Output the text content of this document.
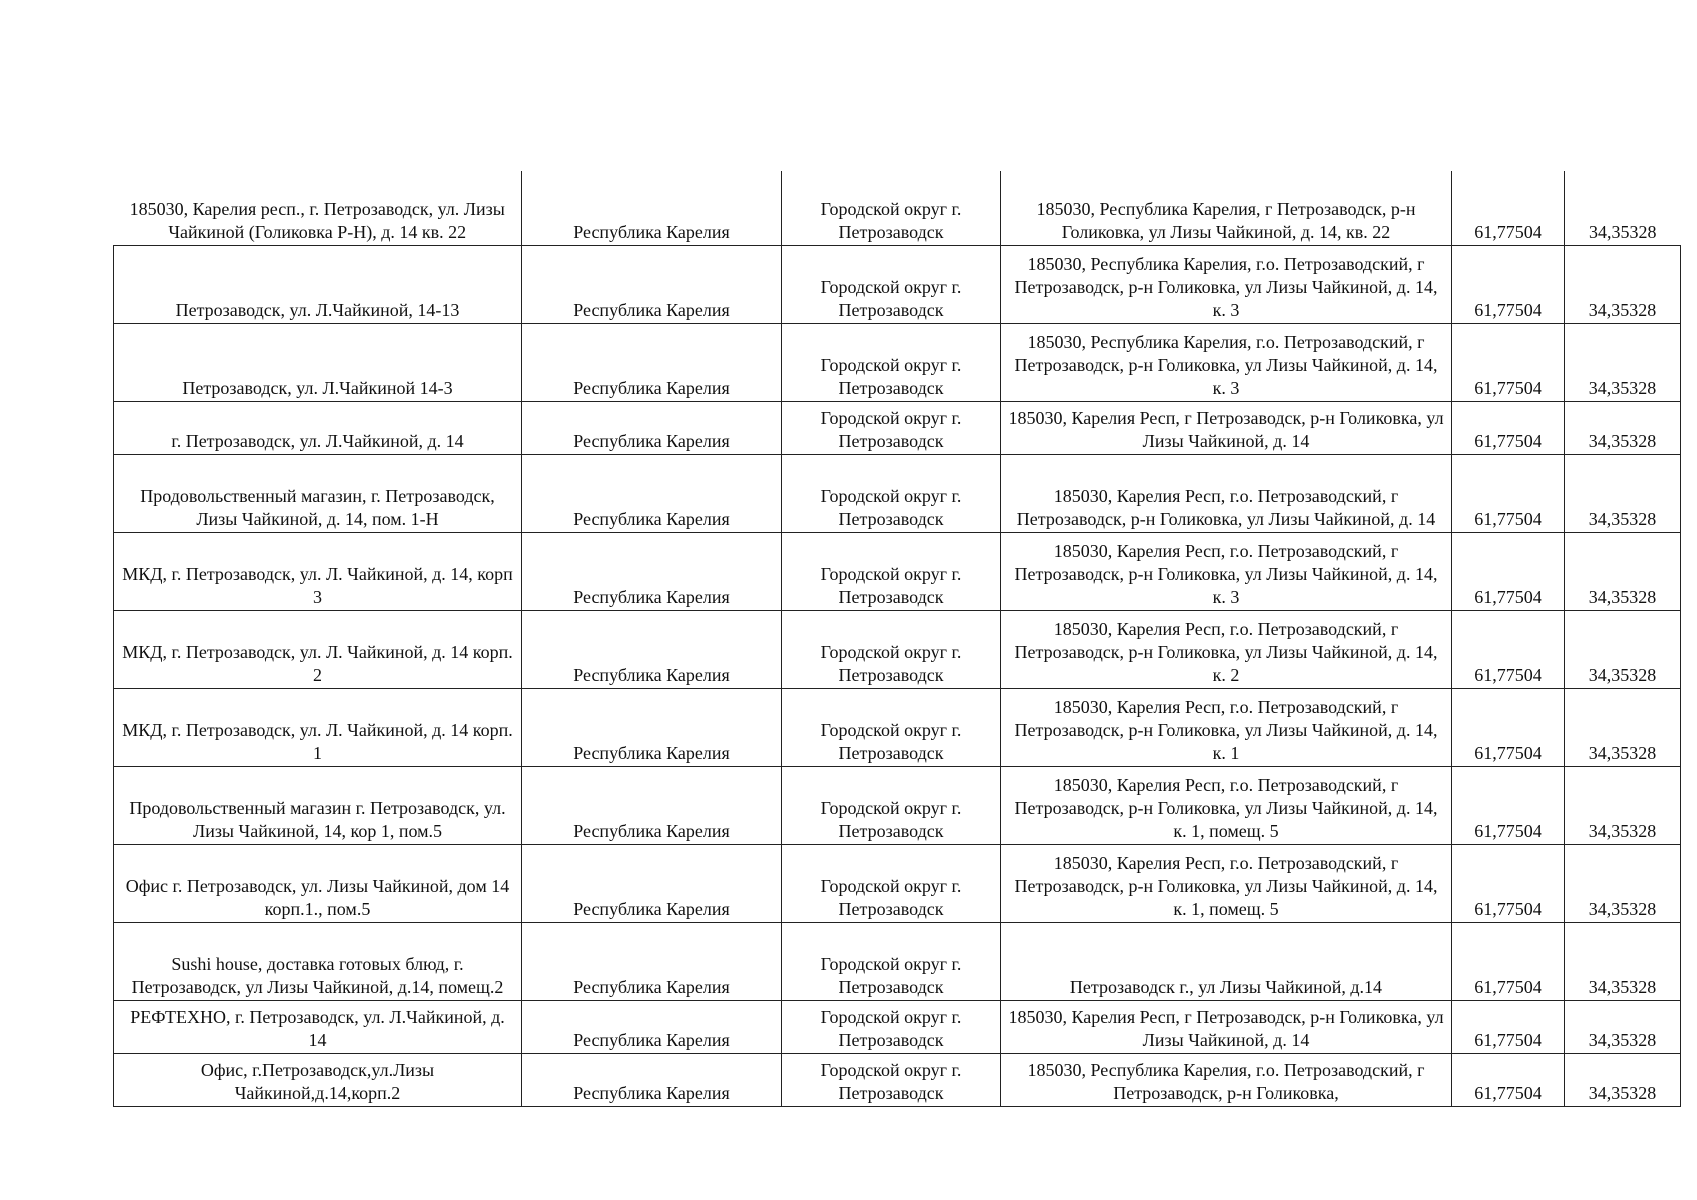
185030, Карелия респ., г. Петрозаводск, ул. Лизы Чайкиной (Голиковка Р-Н), д. 14 кв. 22	Республика Карелия	Городской округ г. Петрозаводск	185030, Республика Карелия, г Петрозаводск, р-н Голиковка, ул Лизы Чайкиной, д. 14, кв. 22	61,77504	34,35328
Петрозаводск, ул. Л.Чайкиной, 14-13	Республика Карелия	Городской округ г. Петрозаводск	185030, Республика Карелия, г.о. Петрозаводский, г Петрозаводск, р-н Голиковка, ул Лизы Чайкиной, д. 14, к. 3	61,77504	34,35328
Петрозаводск, ул. Л.Чайкиной 14-3	Республика Карелия	Городской округ г. Петрозаводск	185030, Республика Карелия, г.о. Петрозаводский, г Петрозаводск, р-н Голиковка, ул Лизы Чайкиной, д. 14, к. 3	61,77504	34,35328
г. Петрозаводск, ул. Л.Чайкиной, д. 14	Республика Карелия	Городской округ г. Петрозаводск	185030, Карелия Респ, г Петрозаводск, р-н Голиковка, ул Лизы Чайкиной, д. 14	61,77504	34,35328
Продовольственный магазин, г. Петрозаводск, Лизы Чайкиной, д. 14, пом. 1-Н	Республика Карелия	Городской округ г. Петрозаводск	185030, Карелия Респ, г.о. Петрозаводский, г Петрозаводск, р-н Голиковка, ул Лизы Чайкиной, д. 14	61,77504	34,35328
МКД, г. Петрозаводск, ул. Л. Чайкиной, д. 14, корп 3	Республика Карелия	Городской округ г. Петрозаводск	185030, Карелия Респ, г.о. Петрозаводский, г Петрозаводск, р-н Голиковка, ул Лизы Чайкиной, д. 14, к. 3	61,77504	34,35328
МКД, г. Петрозаводск, ул. Л. Чайкиной, д. 14 корп. 2	Республика Карелия	Городской округ г. Петрозаводск	185030, Карелия Респ, г.о. Петрозаводский, г Петрозаводск, р-н Голиковка, ул Лизы Чайкиной, д. 14, к. 2	61,77504	34,35328
МКД, г. Петрозаводск, ул. Л. Чайкиной, д. 14 корп. 1	Республика Карелия	Городской округ г. Петрозаводск	185030, Карелия Респ, г.о. Петрозаводский, г Петрозаводск, р-н Голиковка, ул Лизы Чайкиной, д. 14, к. 1	61,77504	34,35328
Продовольственный магазин г. Петрозаводск, ул. Лизы Чайкиной, 14, кор 1, пом.5	Республика Карелия	Городской округ г. Петрозаводск	185030, Карелия Респ, г.о. Петрозаводский, г Петрозаводск, р-н Голиковка, ул Лизы Чайкиной, д. 14, к. 1, помещ. 5	61,77504	34,35328
Офис г. Петрозаводск, ул. Лизы Чайкиной, дом 14 корп.1., пом.5	Республика Карелия	Городской округ г. Петрозаводск	185030, Карелия Респ, г.о. Петрозаводский, г Петрозаводск, р-н Голиковка, ул Лизы Чайкиной, д. 14, к. 1, помещ. 5	61,77504	34,35328
Sushi house, доставка готовых блюд, г. Петрозаводск, ул Лизы Чайкиной, д.14, помещ.2	Республика Карелия	Городской округ г. Петрозаводск	Петрозаводск г., ул Лизы Чайкиной, д.14	61,77504	34,35328
РЕФТЕХНО, г. Петрозаводск, ул. Л.Чайкиной, д. 14	Республика Карелия	Городской округ г. Петрозаводск	185030, Карелия Респ, г Петрозаводск, р-н Голиковка, ул Лизы Чайкиной, д. 14	61,77504	34,35328
Офис, г.Петрозаводск,ул.Лизы Чайкиной,д.14,корп.2	Республика Карелия	Городской округ г. Петрозаводск	185030, Республика Карелия, г.о. Петрозаводский, г Петрозаводск, р-н Голиковка,	61,77504	34,35328
